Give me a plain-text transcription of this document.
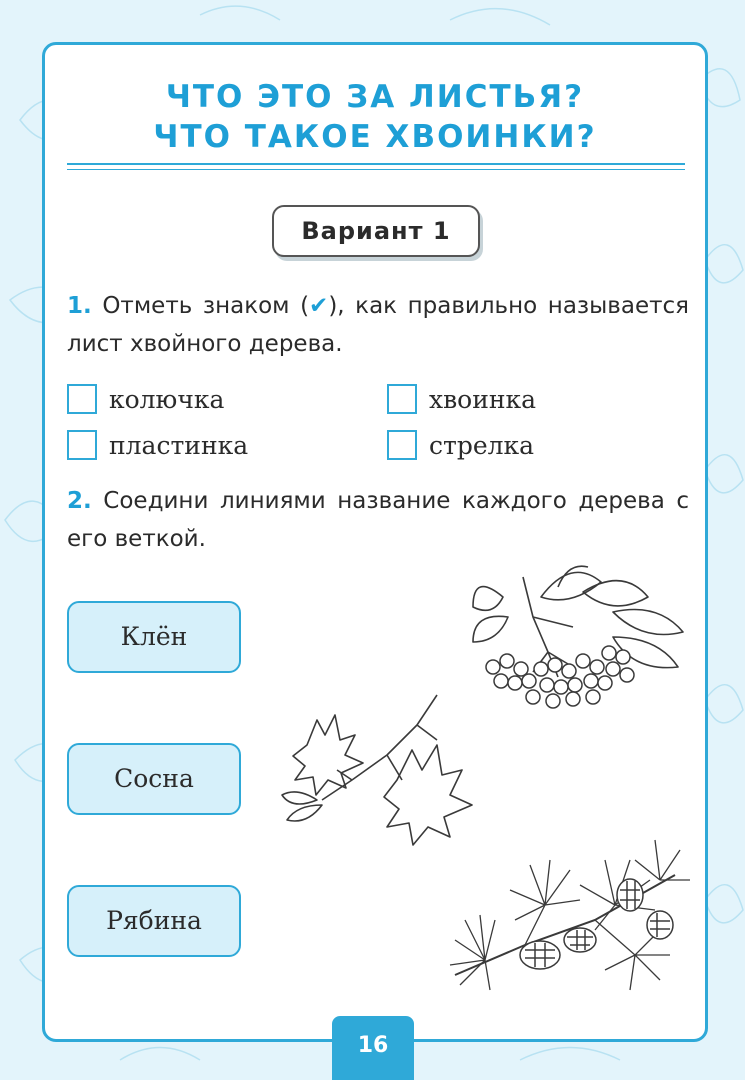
ЧТО ЭТО ЗА ЛИСТЬЯ?
ЧТО ТАКОЕ ХВОИНКИ?
Вариант 1
1. Отметь знаком (✔), как правильно называется лист хвойного дерева.
колючка	хвоинка
пластинка	стрелка
2. Соедини линиями название каждого дерева с его веткой.
Клён
Сосна
Рябина
16
